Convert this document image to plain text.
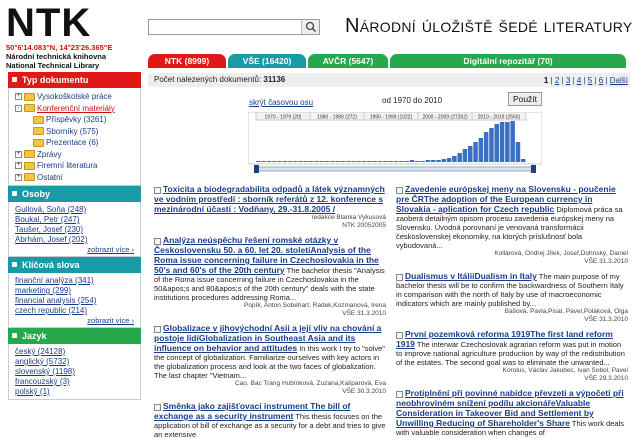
NTK
50°6'14.083"N, 14°23'26.365"E
Národní technická knihovna
National Technical Library
Národní úložiště šedé literatury
NTK (8999)	VŠE (16420)	AVČR (5647)	Digitální repozitář (70)
Typ dokumentu
+ Vysokoškolské práce
- Konferenční materiály
Příspěvky (3261)
Sborníky (575)
Prezentace (6)
+ Zprávy
+ Firemní literatura
+ Ostatní
Osoby
Gullová, Soňa (248)
Boukal, Petr (247)
Taušer, Josef (230)
Abrhám, Josef (202)
zobrazit více ›
Klíčová slova
finanční analýza (341)
marketing (299)
financial analysis (254)
czech republic (214)
zobrazit více ›
Jazyk
český (24128)
anglický (5732)
slovenský (1198)
francouzský (3)
polský (1)
Počet nalezených dokumentů: 31136	1 | 2 | 3 | 4 | 5 | 6 | Další
skrýt časovou osu	od 1970 do 2010	Použít
1970 - 1979 (20)	1980 - 1989 (272)	1990 - 1999 (1022) 2000 - 2009 (27262) 2010 - 2019 (2560)
Toxicita a biodegradabilita odpadů a látek významných ve vodním prostředí : sborník referátů z 12. konference s mezinárodní účastí : Vodňany, 29.-31.8.2005 /
redakce Blanka Vykusová
NTK 20052005
Analýza neúspěchu řešení romské otázky v Československu 50. a 60. let 20. stoletíAnalysis of the Roma issue concerning failure in Czechoslovakia in the 50's and 60's of the 20th century The bachelor thesis "Analysis of the Roma issue concerning failure in Czechoslovakia in the 50&apos;s and 80&apos;s of the 20th century" deals with the state institutions procedures addressing Roma...
Popík, Anton Sobéhart, Radek,Kozmanová, Irena
VŠE 31.3.2010
Globalizace v jihovýchodní Asii a její vliv na chování a postoje lidíGlobalization in Southeast Asia and its influence on behavior and attitudes In this work I try to "solve" the concept of globalization. Familiarize ourselves with key actors in the globalization process and look at the two faces of globalization. The last chapter "Vietnam...
Cao, Bac Trang Hubínková, Zuzana,Kašparová, Eva
VŠE 30.3.2010
Směnka jako zajišťovací instrument The bill of exchange as a security instrument This thesis focuses on the application of bill of exchange as a security for a debt and tries to give an extensive
Zavedenie európskej meny na Slovensku - poučenie pre ČRThe adoption of the European currency in Slovakia - aplication for Czech republic Diplomová práca sa zaoberá detailným opisom procesu zavedenia európskej meny na Slovensku. Úvodná porovnaní je venovaná transformácii československej ekonomiky, na ktorých príslušnosť bola vybudovaná...
Kollárová, Ondrej Jílek, Josef,Dohnský, Daniel
VŠE 31.3.2010
Dualismus v ItáliiDualism in Italy The main purpose of my bachelor thesis will be to confirm the backwardness of Southern Italy in comparison with the north of Italy by use of macroeconomic indicators which are mainly published by...
Bašová, Pavla,Pisal, Pavel,Poláková, Olga
VŠE 31.3.2010
První pozemková reforma 1919The first land reform 1919 The interwar Czechoslovak agrarian reform was put in motion to improve national agriculture production by way of the redistribution of the estates. The second goal was to eliminate the unwanted...
Korolus, Václav Jakubec, Ivan Sobol, Pavel
VŠE 29.3.2010
Protiplnění při povinné nabídce převzetí a výpočetí při neobhroviném snížení podílu akcionářeValuable Consideration in Takeover Bid and Settlement by Unwilling Reducing of Shareholder's Share This work deals with valuable consideration when changes of
